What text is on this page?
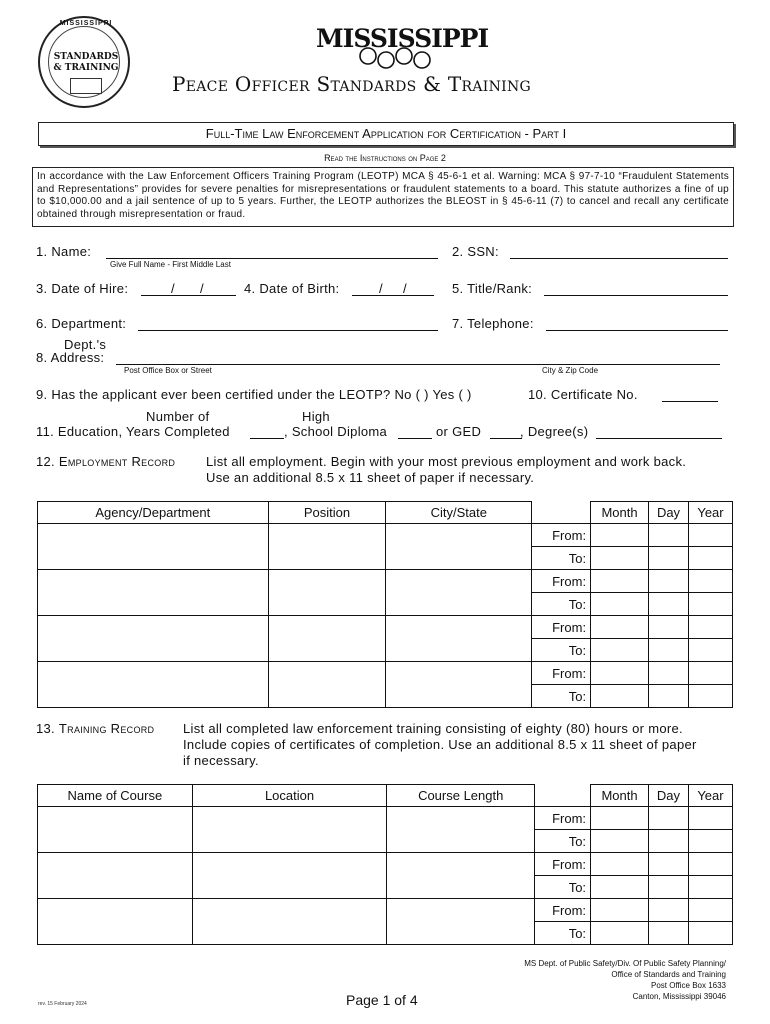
MISSISSIPPI
STANDARDS
& TRAINING
MISSISSIPPI
Peace Officer Standards & Training
Full-Time Law Enforcement Application for Certification - Part I
Read the Instructions on Page 2
In accordance with the Law Enforcement Officers Training Program (LEOTP) MCA § 45-6-1 et al. Warning: MCA § 97-7-10 “Fraudulent Statements and Representations” provides for severe penalties for misrepresentations or fraudulent statements to a board. This statute authorizes a fine of up to $10,000.00 and a jail sentence of up to 5 years. Further, the LEOTP authorizes the BLEOST in § 45-6-11 (7) to cancel and recall any certificate obtained through misrepresentation or fraud.
1. Name:
Give Full Name - First Middle Last
2. SSN:
3. Date of Hire:	/ /	4. Date of Birth:	/ /	5. Title/Rank:
6. Department:	7. Telephone:
Dept.'s
8. Address:
Post Office Box or Street	City & Zip Code
9. Has the applicant ever been certified under the LEOTP? No ( ) Yes ( )	10. Certificate No.
Number of	High
11. Education, Years Completed	, School Diploma	or GED	, Degree(s)
12. Employment Record List all employment. Begin with your most previous employment and work back.
Use an additional 8.5 x 11 sheet of paper if necessary.
Agency/Department	Position	City/State		Month	Day	Year
			From:			
			To:			
			From:			
			To:			
			From:			
			To:			
			From:			
			To:			
13. Training Record List all completed law enforcement training consisting of eighty (80) hours or more.
Include copies of certificates of completion. Use an additional 8.5 x 11 sheet of paper
if necessary.
Name of Course	Location	Course Length		Month	Day	Year
			From:			
			To:			
			From:			
			To:			
			From:			
			To:			
MS Dept. of Public Safety/Div. Of Public Safety Planning/
Office of Standards and Training
Post Office Box 1633
Canton, Mississippi 39046
Page 1 of 4
rev. 15 February 2024
